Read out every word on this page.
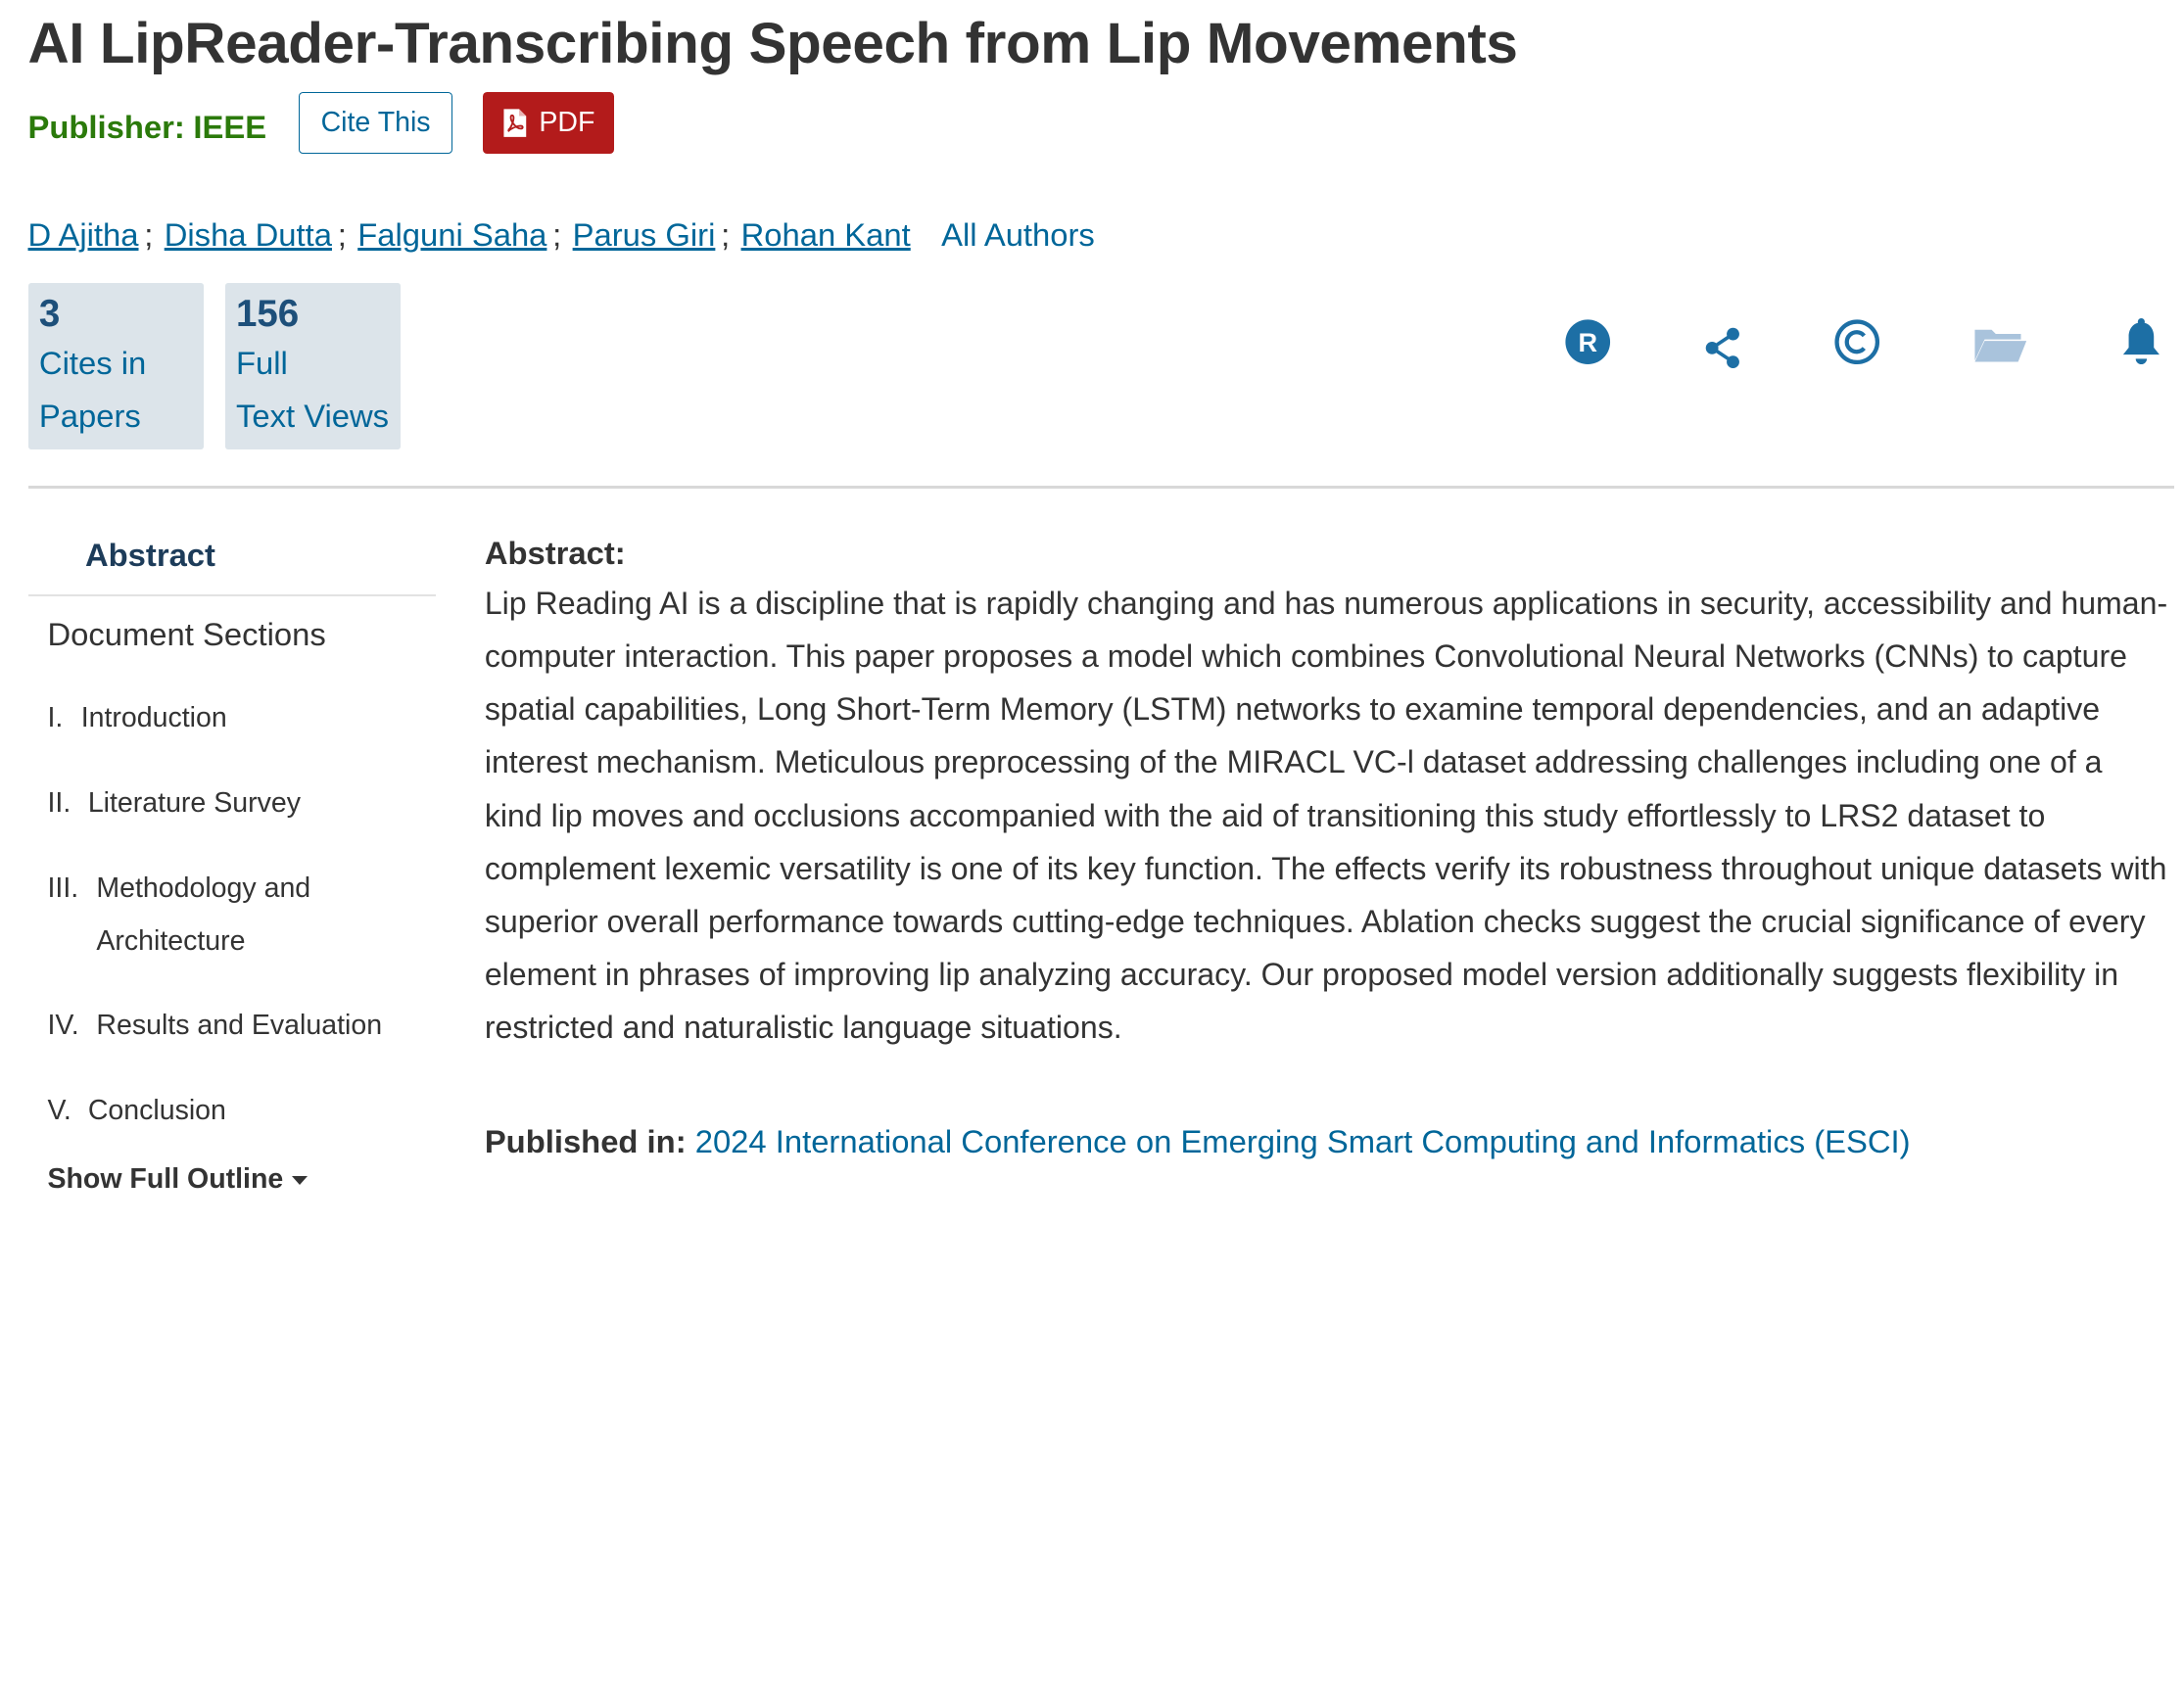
AI LipReader-Transcribing Speech from Lip Movements
Publisher: IEEE	Cite This	PDF
D Ajitha ; Disha Dutta ; Falguni Saha ; Parus Giri ; Rohan Kant All Authors
3
Cites in
Papers
156
Full
Text Views
R
Abstract
Document Sections
I. Introduction
II. Literature Survey
III. Methodology and Architecture
IV. Results and Evaluation
V. Conclusion
Show Full Outline
Abstract:

Lip Reading AI is a discipline that is rapidly changing and has numerous applications in security, accessibility and human-computer interaction. This paper proposes a model which combines Convolutional Neural Networks (CNNs) to capture spatial capabilities, Long Short-Term Memory (LSTM) networks to examine temporal dependencies, and an adaptive interest mechanism. Meticulous preprocessing of the MIRACL VC-l dataset addressing challenges including one of a kind lip moves and occlusions accompanied with the aid of transitioning this study effortlessly to LRS2 dataset to complement lexemic versatility is one of its key function. The effects verify its robustness throughout unique datasets with superior overall performance towards cutting-edge techniques. Ablation checks suggest the crucial significance of every element in phrases of improving lip analyzing accuracy. Our proposed model version additionally suggests flexibility in restricted and naturalistic language situations.

Published in: 2024 International Conference on Emerging Smart Computing and Informatics (ESCI)
